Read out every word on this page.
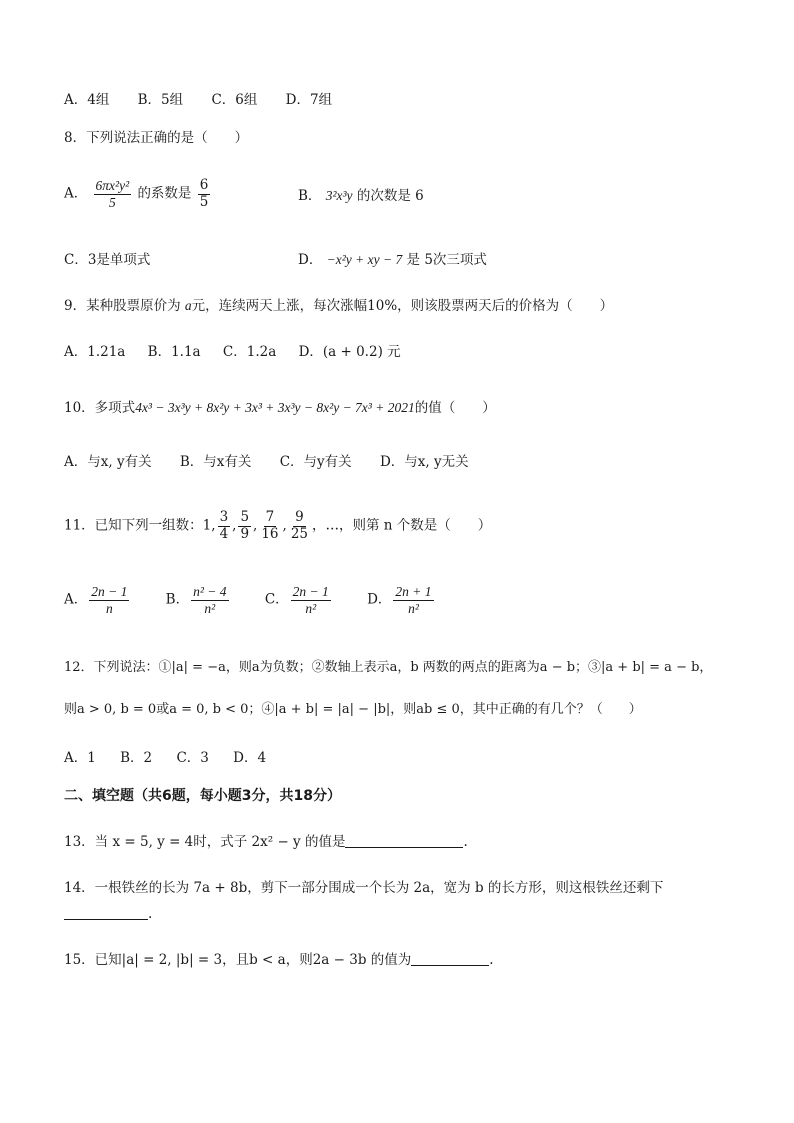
A．4组 B．5组 C．6组 D．7组
8．下列说法正确的是（　　）
A． $\frac{\text{6πx²y²}}{5}$ 的系数是 $\frac{6}{5}$	B． 3²x³y 的次数是 6
C．3是单项式	D． −x²y + xy − 7 是 5次三项式
9．某种股票原价为 a元，连续两天上涨，每次涨幅10%，则该股票两天后的价格为（　　）
A．1.21a B．1.1a C．1.2a D．(a + 0.2) 元
10．多项式4x³ − 3x³y + 8x²y + 3x³ + 3x³y − 8x²y − 7x³ + 2021的值（　　）
A．与x, y有关 B．与x有关 C．与y有关 D．与x, y无关
11．已知下列一组数：1, $\frac{3}{4}$ , $\frac{5}{9}$ , $\frac{7}{16}$ , $\frac{9}{25}$ ，…，则第 n 个数是（　　）
A． $\frac{2n - 1}{n}$	B． $\frac{\text{n² − 4}}{\text{n²}}$	C． $\frac{2n - 1}{\text{n²}}$	D． $\frac{2n + 1}{\text{n²}}$
12．下列说法：①|a| = −a，则a为负数；②数轴上表示a，b 两数的两点的距离为a − b；③|a + b| = a − b，
则a > 0, b = 0或a = 0, b < 0；④|a + b| = |a| − |b|，则ab ≤ 0，其中正确的有几个？（　　）
A．1 B．2 C．3 D．4
二、填空题（共6题，每小题3分，共18分）
13．当 x = 5, y = 4时，式子 2x² − y 的值是	.
14．一根铁丝的长为 7a + 8b，剪下一部分围成一个长为 2a，宽为 b 的长方形，则这根铁丝还剩下
.
15．已知|a| = 2, |b| = 3，且b < a，则2a − 3b 的值为	.
